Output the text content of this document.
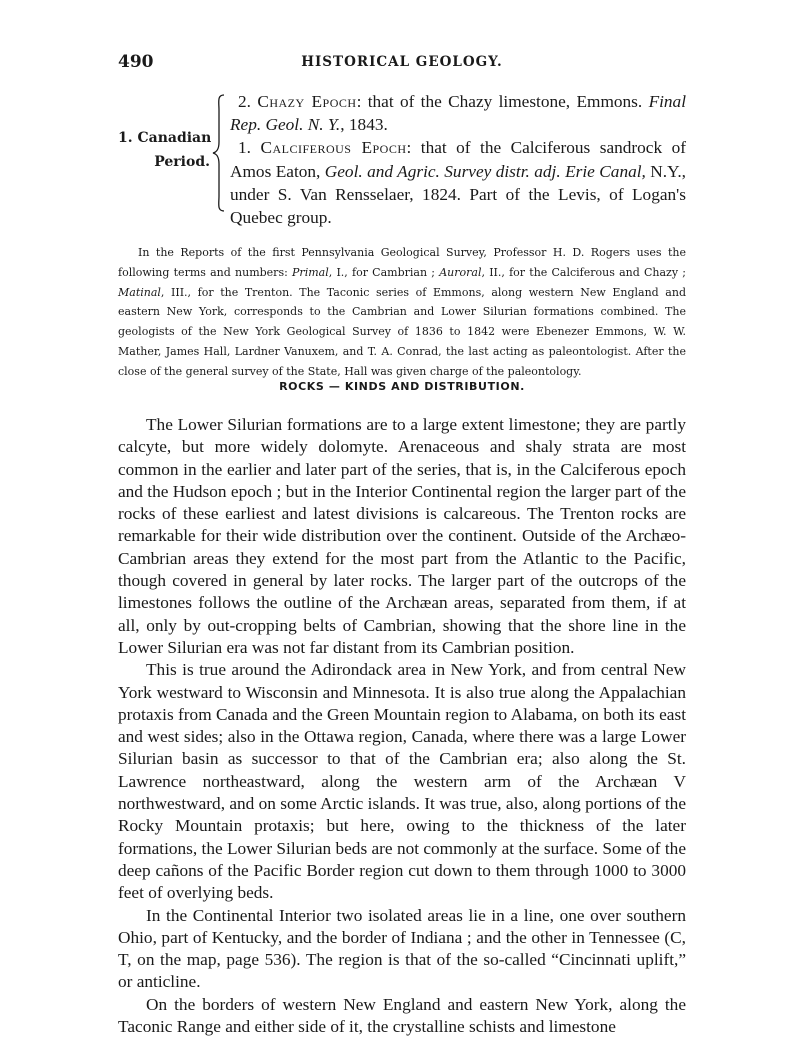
490	HISTORICAL GEOLOGY.
1. Canadian
Period.
2. Chazy Epoch: that of the Chazy limestone, Emmons. Final Rep. Geol. N. Y., 1843.
1. Calciferous Epoch: that of the Calciferous sandrock of Amos Eaton, Geol. and Agric. Survey distr. adj. Erie Canal, N.Y., under S. Van Rensselaer, 1824. Part of the Levis, of Logan's Quebec group.

In the Reports of the first Pennsylvania Geological Survey, Professor H. D. Rogers uses the following terms and numbers: Primal, I., for Cambrian ; Auroral, II., for the Calciferous and Chazy ; Matinal, III., for the Trenton. The Taconic series of Emmons, along western New England and eastern New York, corresponds to the Cambrian and Lower Silurian formations combined. The geologists of the New York Geological Survey of 1836 to 1842 were Ebenezer Emmons, W. W. Mather, James Hall, Lardner Vanuxem, and T. A. Conrad, the last acting as paleontologist. After the close of the general survey of the State, Hall was given charge of the paleontology.

ROCKS — KINDS AND DISTRIBUTION.

The Lower Silurian formations are to a large extent limestone; they are partly calcyte, but more widely dolomyte. Arenaceous and shaly strata are most common in the earlier and later part of the series, that is, in the Calciferous epoch and the Hudson epoch ; but in the Interior Continental region the larger part of the rocks of these earliest and latest divisions is calcareous. The Trenton rocks are remarkable for their wide distribution over the continent. Outside of the Archæo-Cambrian areas they extend for the most part from the Atlantic to the Pacific, though covered in general by later rocks. The larger part of the outcrops of the limestones follows the outline of the Archæan areas, separated from them, if at all, only by out-cropping belts of Cambrian, showing that the shore line in the Lower Silurian era was not far distant from its Cambrian position.

This is true around the Adirondack area in New York, and from central New York westward to Wisconsin and Minnesota. It is also true along the Appalachian protaxis from Canada and the Green Mountain region to Alabama, on both its east and west sides; also in the Ottawa region, Canada, where there was a large Lower Silurian basin as successor to that of the Cambrian era; also along the St. Lawrence northeastward, along the western arm of the Archæan V northwestward, and on some Arctic islands. It was true, also, along portions of the Rocky Mountain protaxis; but here, owing to the thickness of the later formations, the Lower Silurian beds are not commonly at the surface. Some of the deep cañons of the Pacific Border region cut down to them through 1000 to 3000 feet of overlying beds.

In the Continental Interior two isolated areas lie in a line, one over southern Ohio, part of Kentucky, and the border of Indiana ; and the other in Tennessee (C, T, on the map, page 536). The region is that of the so-called “Cincinnati uplift,” or anticline.

On the borders of western New England and eastern New York, along the Taconic Range and either side of it, the crystalline schists and limestone
